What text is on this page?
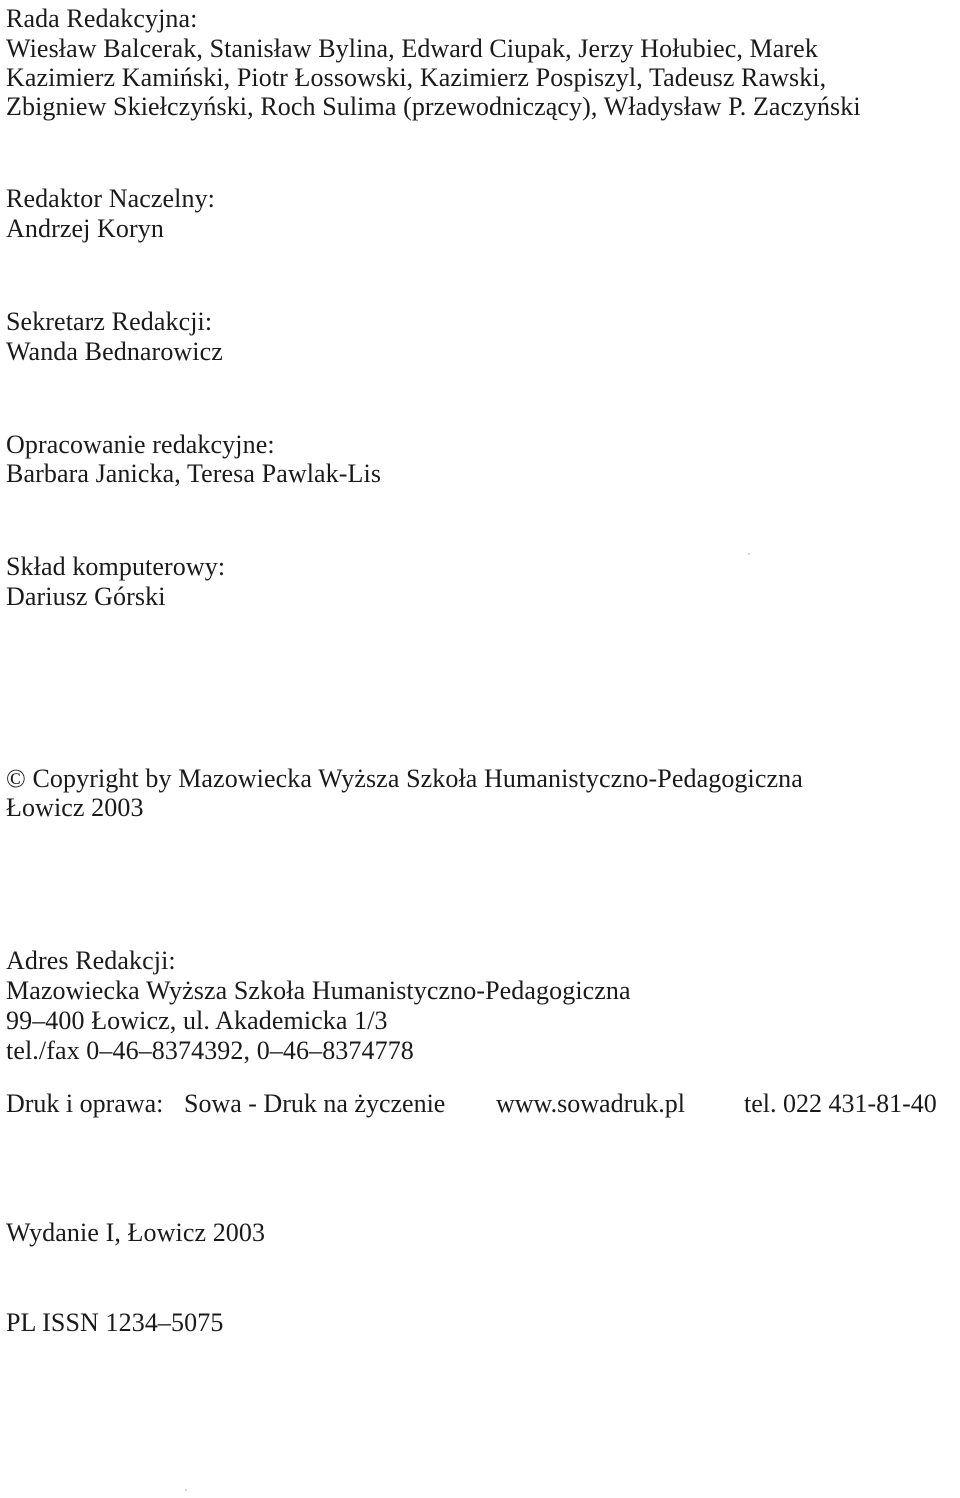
Rada Redakcyjna:
Wiesław Balcerak, Stanisław Bylina, Edward Ciupak, Jerzy Hołubiec, Marek
Kazimierz Kamiński, Piotr Łossowski, Kazimierz Pospiszyl, Tadeusz Rawski,
Zbigniew Skiełczyński, Roch Sulima (przewodniczący), Władysław P. Zaczyński
Redaktor Naczelny:
Andrzej Koryn
Sekretarz Redakcji:
Wanda Bednarowicz
Opracowanie redakcyjne:
Barbara Janicka, Teresa Pawlak-Lis
Skład komputerowy:
Dariusz Górski
© Copyright by Mazowiecka Wyższa Szkoła Humanistyczno-Pedagogiczna
Łowicz 2003
Adres Redakcji:
Mazowiecka Wyższa Szkoła Humanistyczno-Pedagogiczna
99–400 Łowicz, ul. Akademicka 1/3
tel./fax 0–46–8374392, 0–46–8374778
Druk i oprawa: Sowa - Druk na życzenie www.sowadruk.pl tel. 022 431-81-40
Wydanie I, Łowicz 2003
PL ISSN 1234–5075
